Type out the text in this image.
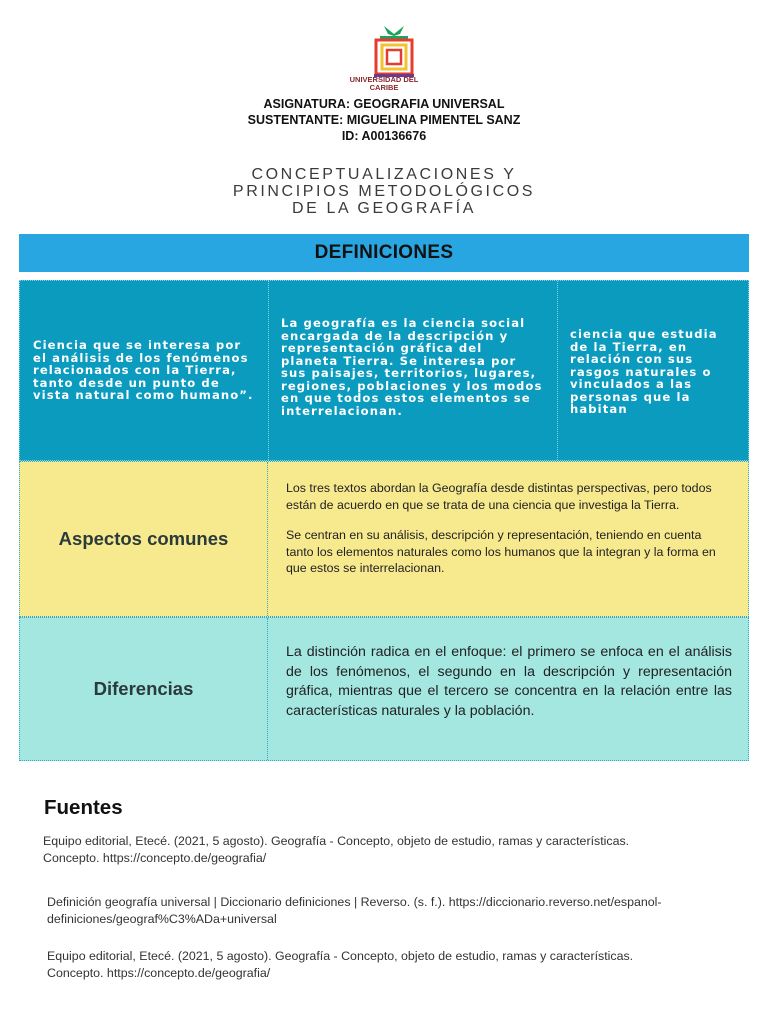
UNIVERSIDAD DEL CARIBE
ASIGNATURA: GEOGRAFIA UNIVERSAL
SUSTENTANTE: MIGUELINA PIMENTEL SANZ
ID: A00136676
CONCEPTUALIZACIONES Y
PRINCIPIOS METODOLÓGICOS
DE LA GEOGRAFÍA
DEFINICIONES
Ciencia que se interesa por el análisis de los fenómenos relacionados con la Tierra, tanto desde un punto de vista natural como humano”.
La geografía es la ciencia social encargada de la descripción y representación gráfica del planeta Tierra. Se interesa por sus paisajes, territorios, lugares, regiones, poblaciones y los modos en que todos estos elementos se interrelacionan.
ciencia que estudia de la Tierra, en relación con sus rasgos naturales o vinculados a las personas que la habitan
Aspectos comunes

Los tres textos abordan la Geografía desde distintas perspectivas, pero todos están de acuerdo en que se trata de una ciencia que investiga la Tierra.

Se centran en su análisis, descripción y representación, teniendo en cuenta tanto los elementos naturales como los humanos que la integran y la forma en que estos se interrelacionan.

Diferencias

La distinción radica en el enfoque: el primero se enfoca en el análisis de los fenómenos, el segundo en la descripción y representación gráfica, mientras que el tercero se concentra en la relación entre las características naturales y la población.

Fuentes
Equipo editorial, Etecé. (2021, 5 agosto). Geografía - Concepto, objeto de estudio, ramas y características. Concepto. https://concepto.de/geografia/
Definición geografía universal | Diccionario definiciones | Reverso. (s. f.). https://diccionario.reverso.net/espanol-definiciones/geograf%C3%ADa+universal
Equipo editorial, Etecé. (2021, 5 agosto). Geografía - Concepto, objeto de estudio, ramas y características. Concepto. https://concepto.de/geografia/
